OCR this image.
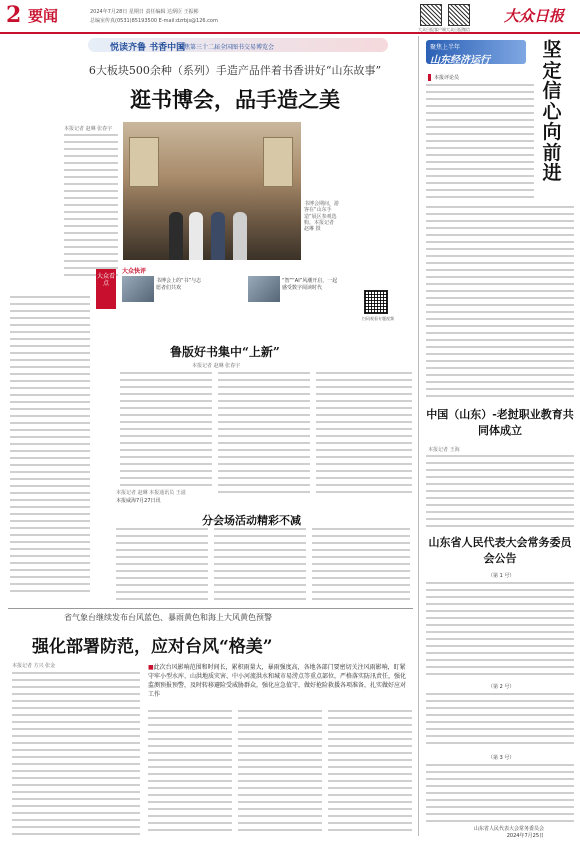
2 要闻	2024年7月28日 星期日 责任编辑 达炳臣 王振彬
总编室传真(0531)85193500 E-mail:dzrbjs@126.com
大众日报客户端 大众日报微信
大众日报
悦读齐鲁 书香中国
聚焦第三十二届全国图书交易博览会
6大板块500余种（系列）手造产品伴着书香讲好“山东故事”
逛书博会，品手造之美
本报记者 赵琳 张春宇
书博会期间，游客在“山东手造”展区参观选购。本报记者 赵琳 摄
大众看点
大众快评
书博会上的“书”与志愿者们共欢
“智”“AI”风潮开启，一起感受数字阅读时代
扫码观看专题视频
鲁版好书集中“上新”
本报记者 赵琳 张春宇
分会场活动精彩不减
本报记者 赵琳 本报通讯员 王滋
本报威海7月27日讯
省气象台继续发布台风蓝色、暴雨黄色和海上大风黄色预警
强化部署防范，应对台风“格美”
本报记者 方兴 张金	■此次台风影响范围和时间长，累积雨量大，暴雨强度高，各地各部门要密切关注风雨影响，盯紧守牢小型水库、山洪地质灾害、中小河流洪水和城市易涝点等重点部位，严格落实防汛责任，强化监测预报预警，及时转移避险受威胁群众，强化应急值守，做好抢险救援各项准备，扎实做好应对工作
聚焦上半年
山东经济运行	坚定信心向前进
本报评论员
中国（山东）-老挝职业教育共同体成立
本报记者 王海
山东省人民代表大会常务委员会公告
（第 1 号）
（第 2 号）
（第 3 号）
山东省人民代表大会常务委员会
2024年7月25日
